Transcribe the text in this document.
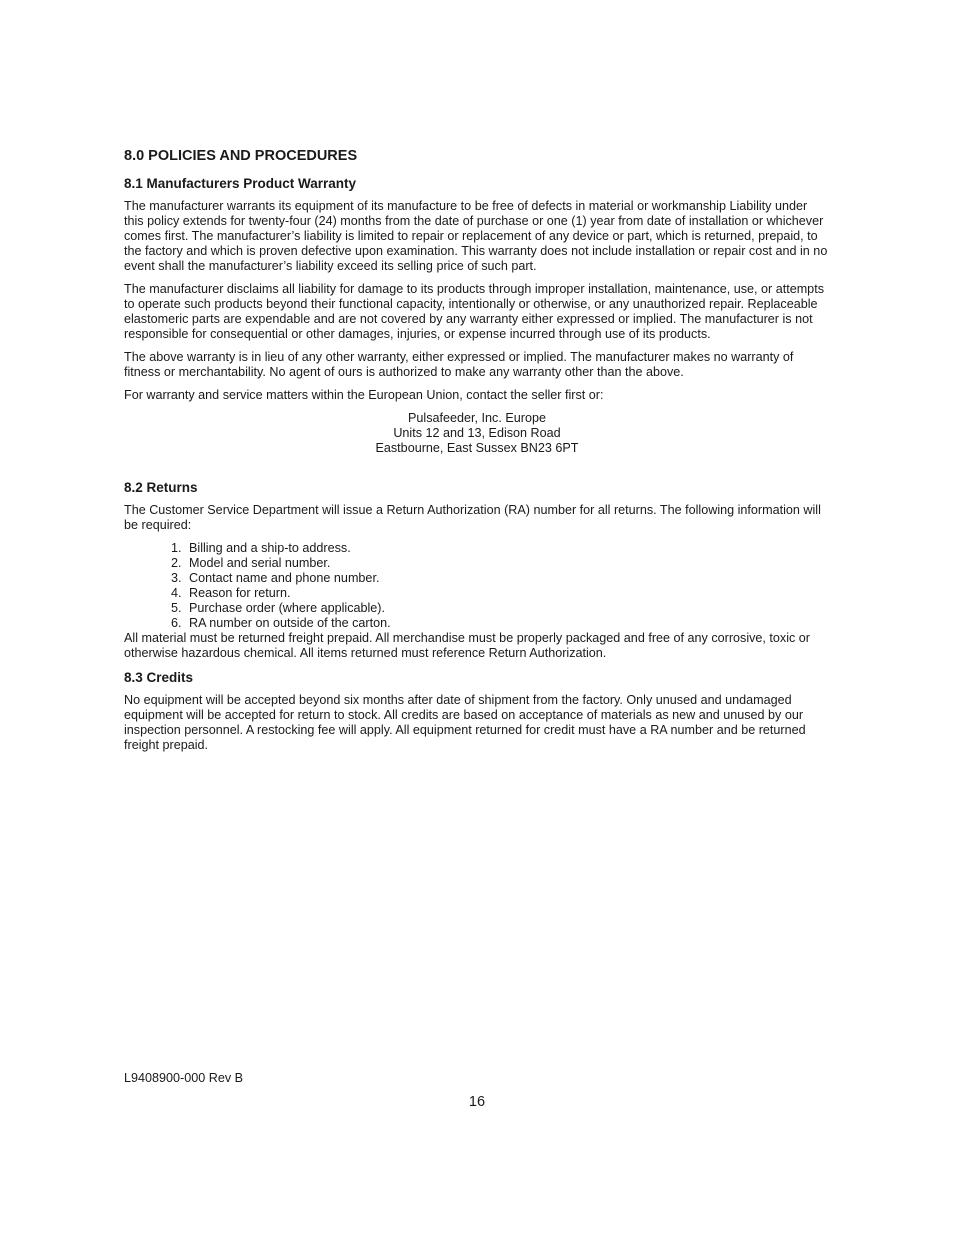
8.0 POLICIES AND PROCEDURES
8.1 Manufacturers Product Warranty

The manufacturer warrants its equipment of its manufacture to be free of defects in material or workmanship Liability under this policy extends for twenty-four (24) months from the date of purchase or one (1) year from date of installation or whichever comes first. The manufacturer’s liability is limited to repair or replacement of any device or part, which is returned, prepaid, to the factory and which is proven defective upon examination. This warranty does not include installation or repair cost and in no event shall the manufacturer’s liability exceed its selling price of such part.

The manufacturer disclaims all liability for damage to its products through improper installation, maintenance, use, or attempts to operate such products beyond their functional capacity, intentionally or otherwise, or any unauthorized repair. Replaceable elastomeric parts are expendable and are not covered by any warranty either expressed or implied. The manufacturer is not responsible for consequential or other damages, injuries, or expense incurred through use of its products.

The above warranty is in lieu of any other warranty, either expressed or implied. The manufacturer makes no warranty of fitness or merchantability. No agent of ours is authorized to make any warranty other than the above.

For warranty and service matters within the European Union, contact the seller first or:

Pulsafeeder, Inc. Europe
Units 12 and 13, Edison Road
Eastbourne, East Sussex BN23 6PT
8.2 Returns

The Customer Service Department will issue a Return Authorization (RA) number for all returns. The following information will be required:

1. Billing and a ship-to address.
2. Model and serial number.
3. Contact name and phone number.
4. Reason for return.
5. Purchase order (where applicable).
6. RA number on outside of the carton.

All material must be returned freight prepaid. All merchandise must be properly packaged and free of any corrosive, toxic or otherwise hazardous chemical. All items returned must reference Return Authorization.

8.3 Credits

No equipment will be accepted beyond six months after date of shipment from the factory. Only unused and undamaged equipment will be accepted for return to stock. All credits are based on acceptance of materials as new and unused by our inspection personnel. A restocking fee will apply. All equipment returned for credit must have a RA number and be returned freight prepaid.

L9408900-000 Rev B
16
